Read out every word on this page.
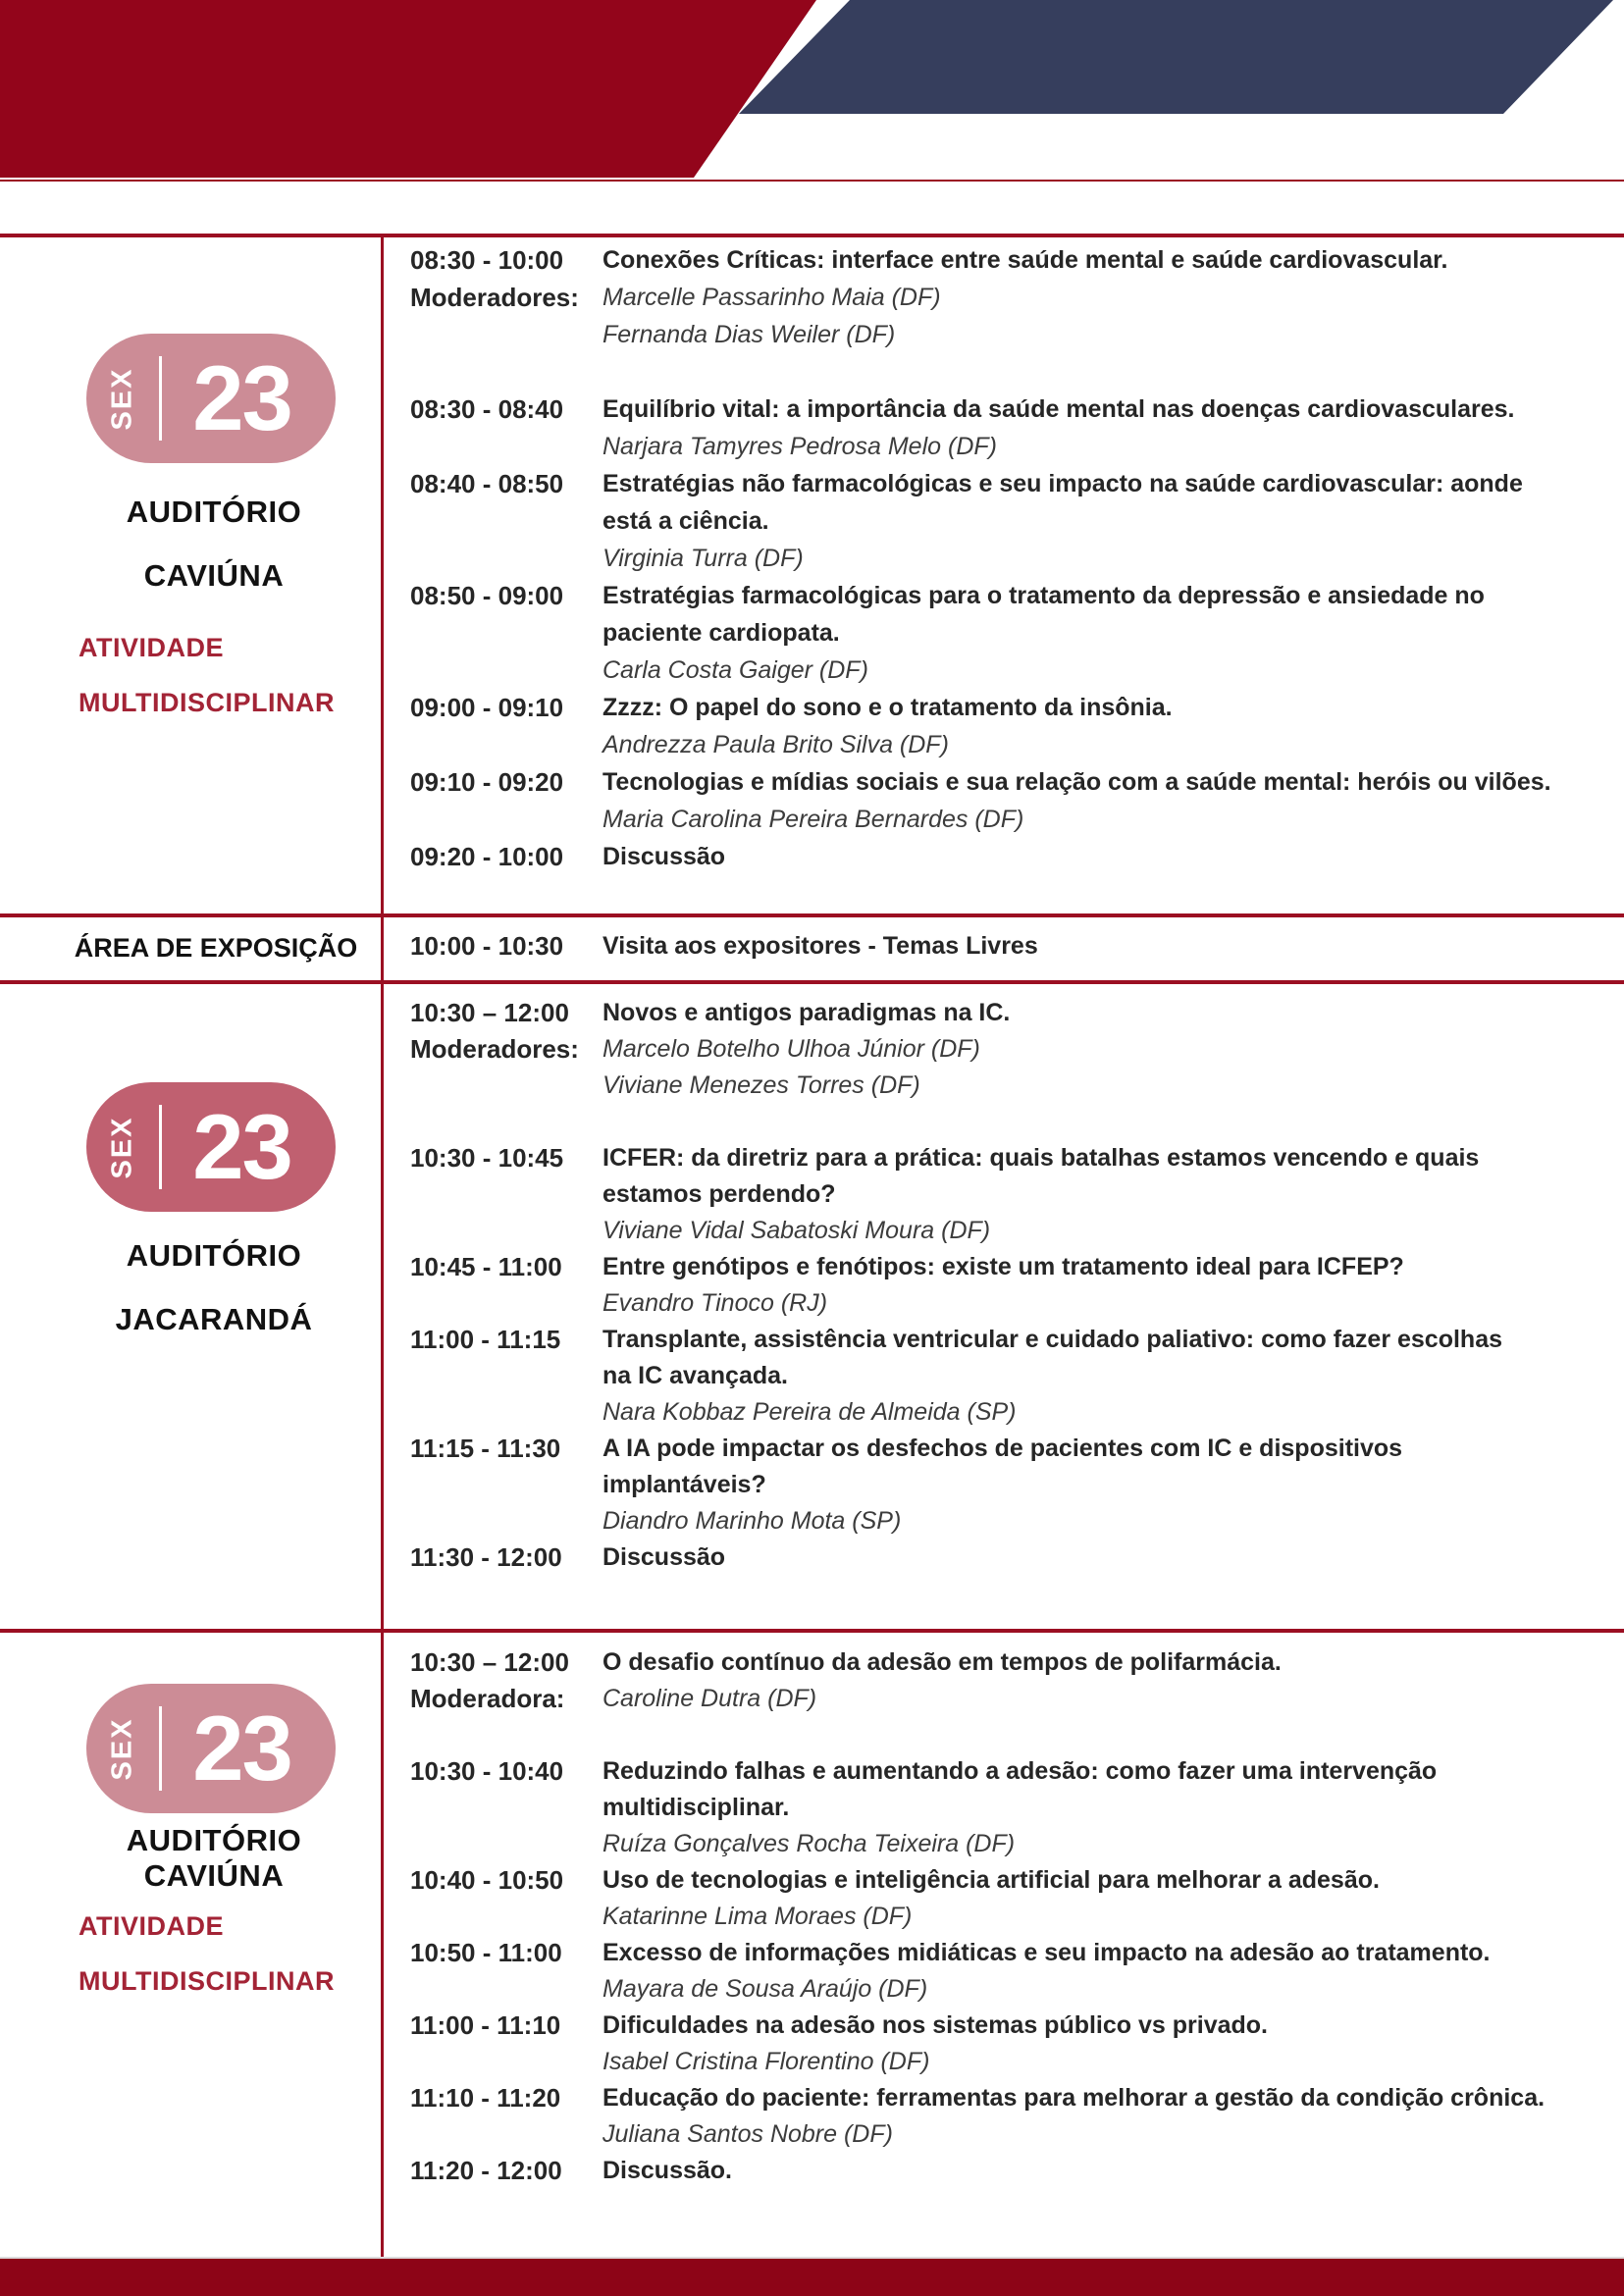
SEX 23
AUDITÓRIO
CAVIÚNA
ATIVIDADE
MULTIDISCIPLINAR
08:30 - 10:00	Conexões Críticas: interface entre saúde mental e saúde cardiovascular.
Moderadores: Marcelle Passarinho Maia (DF)
Fernanda Dias Weiler (DF)
08:30 - 08:40	Equilíbrio vital: a importância da saúde mental nas doenças cardiovasculares.
Narjara Tamyres Pedrosa Melo (DF)
08:40 - 08:50	Estratégias não farmacológicas e seu impacto na saúde cardiovascular: aonde
está a ciência.
Virginia Turra (DF)
08:50 - 09:00	Estratégias farmacológicas para o tratamento da depressão e ansiedade no
paciente cardiopata.
Carla Costa Gaiger (DF)
09:00 - 09:10	Zzzz: O papel do sono e o tratamento da insônia.
Andrezza Paula Brito Silva (DF)
09:10 - 09:20	Tecnologias e mídias sociais e sua relação com a saúde mental: heróis ou vilões.
Maria Carolina Pereira Bernardes (DF)
09:20 - 10:00	Discussão
ÁREA DE EXPOSIÇÃO	10:00 - 10:30	Visita aos expositores - Temas Livres
SEX 23
AUDITÓRIO
JACARANDÁ
10:30 – 12:00	Novos e antigos paradigmas na IC.
Moderadores: Marcelo Botelho Ulhoa Júnior (DF)
Viviane Menezes Torres (DF)
10:30 - 10:45	ICFER: da diretriz para a prática: quais batalhas estamos vencendo e quais
estamos perdendo?
Viviane Vidal Sabatoski Moura (DF)
10:45 - 11:00	Entre genótipos e fenótipos: existe um tratamento ideal para ICFEP?
Evandro Tinoco (RJ)
11:00 - 11:15	Transplante, assistência ventricular e cuidado paliativo: como fazer escolhas
na IC avançada.
Nara Kobbaz Pereira de Almeida (SP)
11:15 - 11:30	A IA pode impactar os desfechos de pacientes com IC e dispositivos
implantáveis?
Diandro Marinho Mota (SP)
11:30 - 12:00	Discussão
SEX 23
AUDITÓRIO
CAVIÚNA
ATIVIDADE
MULTIDISCIPLINAR
10:30 – 12:00	O desafio contínuo da adesão em tempos de polifarmácia.
Moderadora:	Caroline Dutra (DF)
10:30 - 10:40	Reduzindo falhas e aumentando a adesão: como fazer uma intervenção
multidisciplinar.
Ruíza Gonçalves Rocha Teixeira (DF)
10:40 - 10:50	Uso de tecnologias e inteligência artificial para melhorar a adesão.
Katarinne Lima Moraes (DF)
10:50 - 11:00	Excesso de informações midiáticas e seu impacto na adesão ao tratamento.
Mayara de Sousa Araújo (DF)
11:00 - 11:10	Dificuldades na adesão nos sistemas público vs privado.
Isabel Cristina Florentino (DF)
11:10 - 11:20	Educação do paciente: ferramentas para melhorar a gestão da condição crônica.
Juliana Santos Nobre (DF)
11:20 - 12:00	Discussão.
